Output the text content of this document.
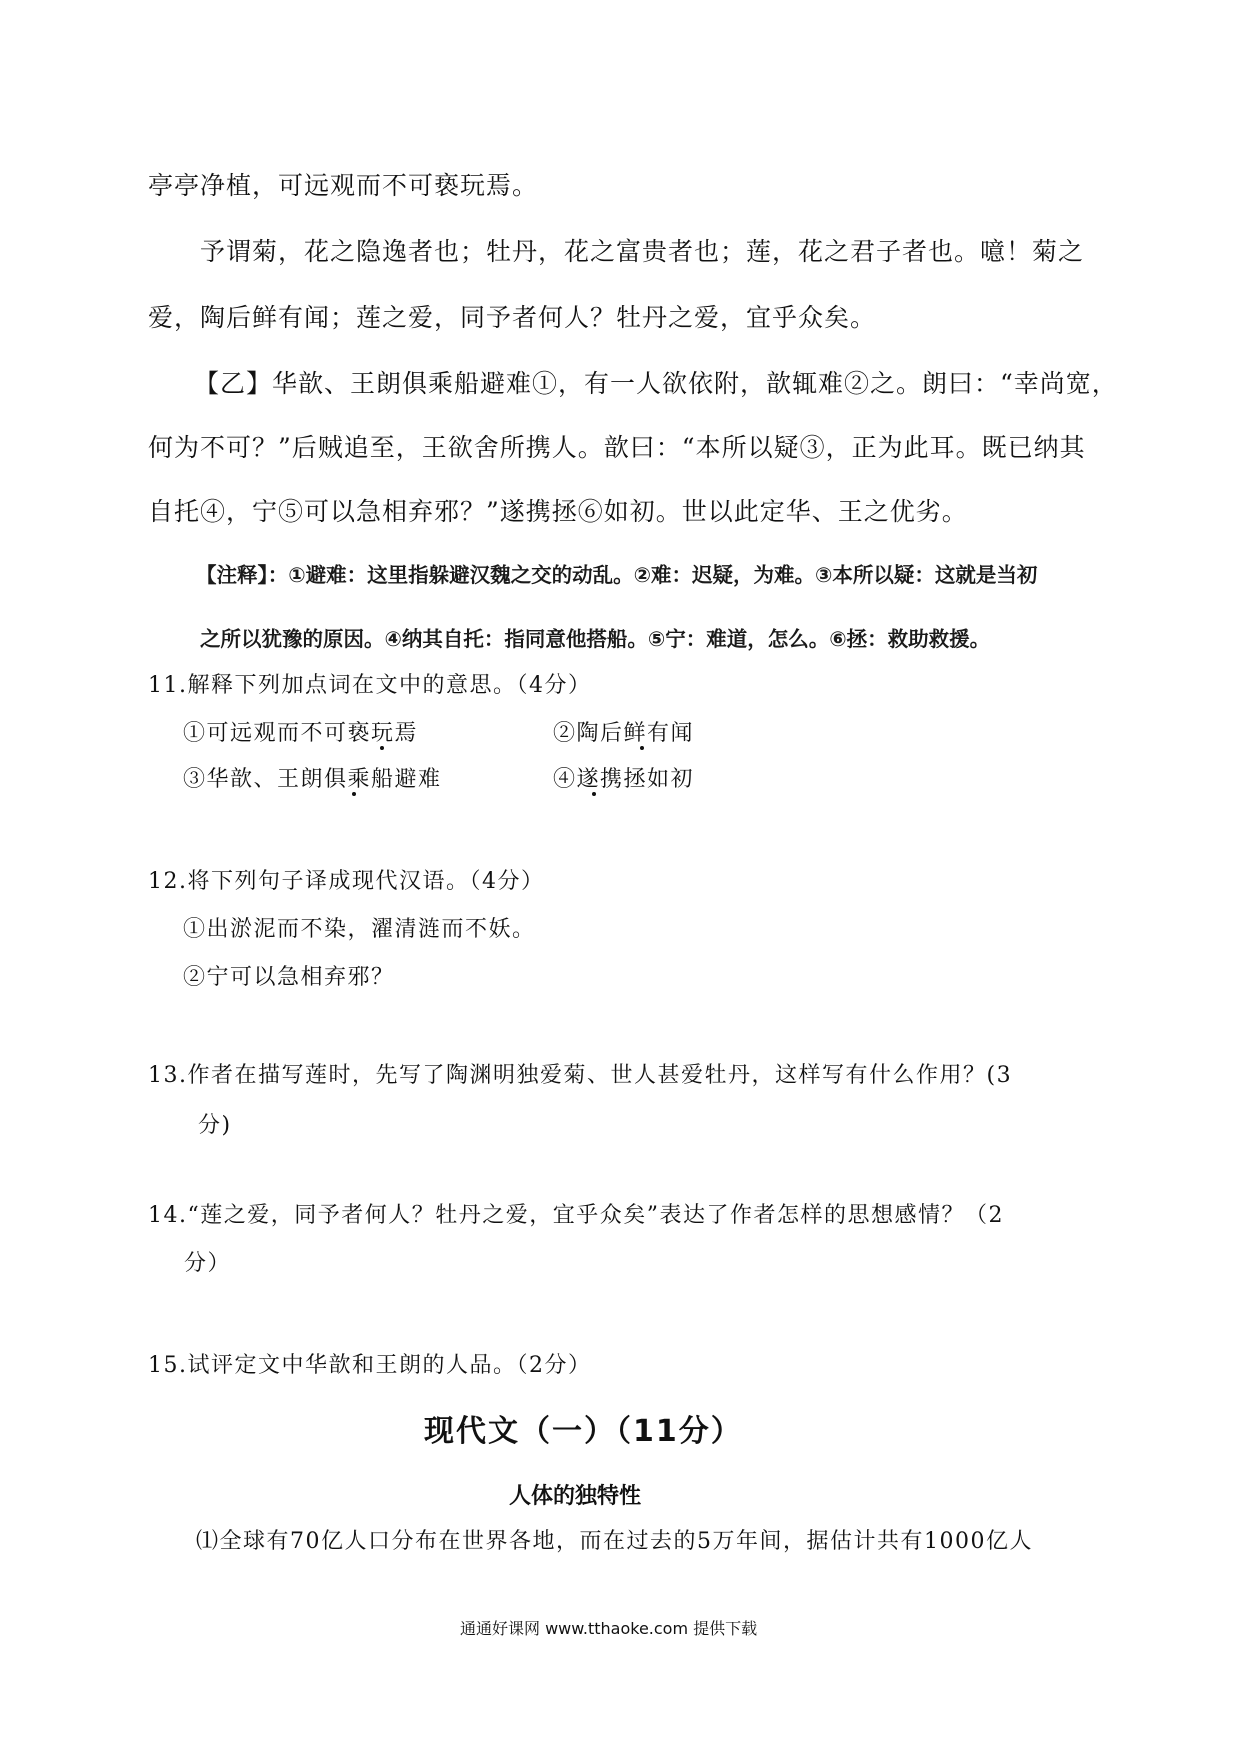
亭亭净植，可远观而不可亵玩焉。
予谓菊，花之隐逸者也；牡丹，花之富贵者也；莲，花之君子者也。噫！菊之
爱，陶后鲜有闻；莲之爱，同予者何人？牡丹之爱，宜乎众矣。
【乙】华歆、王朗俱乘船避难①，有一人欲依附，歆辄难②之。朗曰：“幸尚宽，
何为不可？”后贼追至，王欲舍所携人。歆曰：“本所以疑③，正为此耳。既已纳其
自托④，宁⑤可以急相弃邪？”遂携拯⑥如初。世以此定华、王之优劣。
【注释】：①避难：这里指躲避汉魏之交的动乱。②难：迟疑，为难。③本所以疑：这就是当初
之所以犹豫的原因。④纳其自托：指同意他搭船。⑤宁：难道，怎么。⑥拯：救助救援。
11.解释下列加点词在文中的意思。（4分）
①可远观而不可亵玩焉	②陶后鲜有闻
③华歆、王朗俱乘船避难	④遂携拯如初
12.将下列句子译成现代汉语。（4分）
①出淤泥而不染，濯清涟而不妖。
②宁可以急相弃邪？
13.作者在描写莲时，先写了陶渊明独爱菊、世人甚爱牡丹，这样写有什么作用？(3
分)
14.“莲之爱，同予者何人？牡丹之爱，宜乎众矣”表达了作者怎样的思想感情？（2
分）
15.试评定文中华歆和王朗的人品。（2分）
现代文（一）（11分）
人体的独特性
⑴全球有70亿人口分布在世界各地，而在过去的5万年间，据估计共有1000亿人
通通好课网 www.tthaoke.com 提供下载
